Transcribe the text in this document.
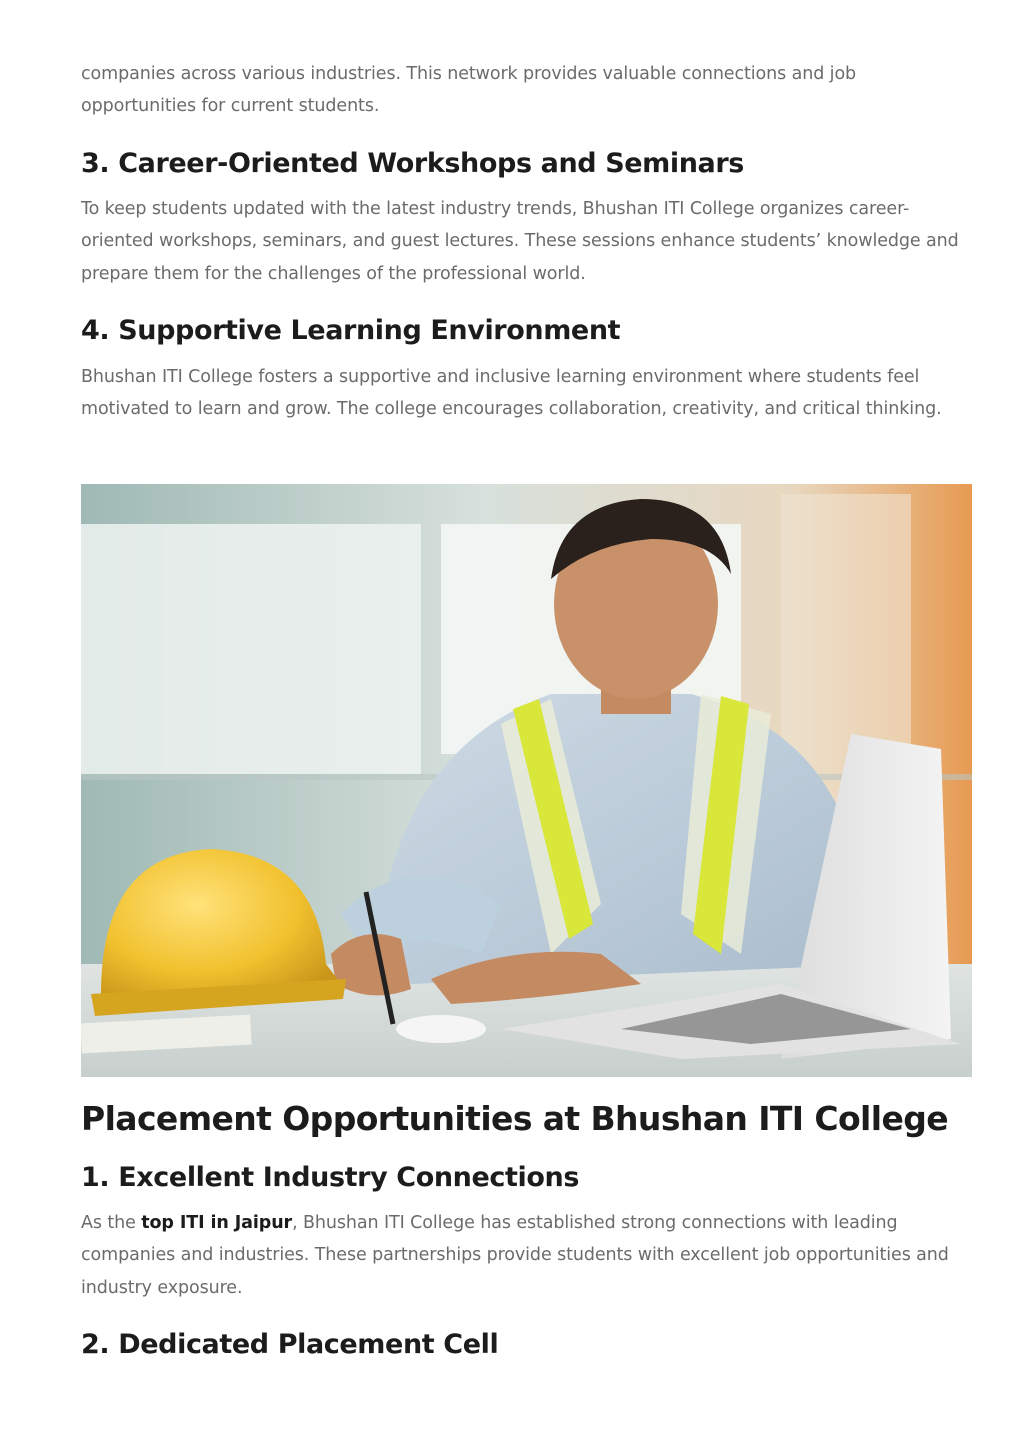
companies across various industries. This network provides valuable connections and job opportunities for current students.

3. Career-Oriented Workshops and Seminars

To keep students updated with the latest industry trends, Bhushan ITI College organizes career-oriented workshops, seminars, and guest lectures. These sessions enhance students’ knowledge and prepare them for the challenges of the professional world.

4. Supportive Learning Environment

Bhushan ITI College fosters a supportive and inclusive learning environment where students feel motivated to learn and grow. The college encourages collaboration, creativity, and critical thinking.

Placement Opportunities at Bhushan ITI College
1. Excellent Industry Connections

As the top ITI in Jaipur, Bhushan ITI College has established strong connections with leading companies and industries. These partnerships provide students with excellent job opportunities and industry exposure.

2. Dedicated Placement Cell
